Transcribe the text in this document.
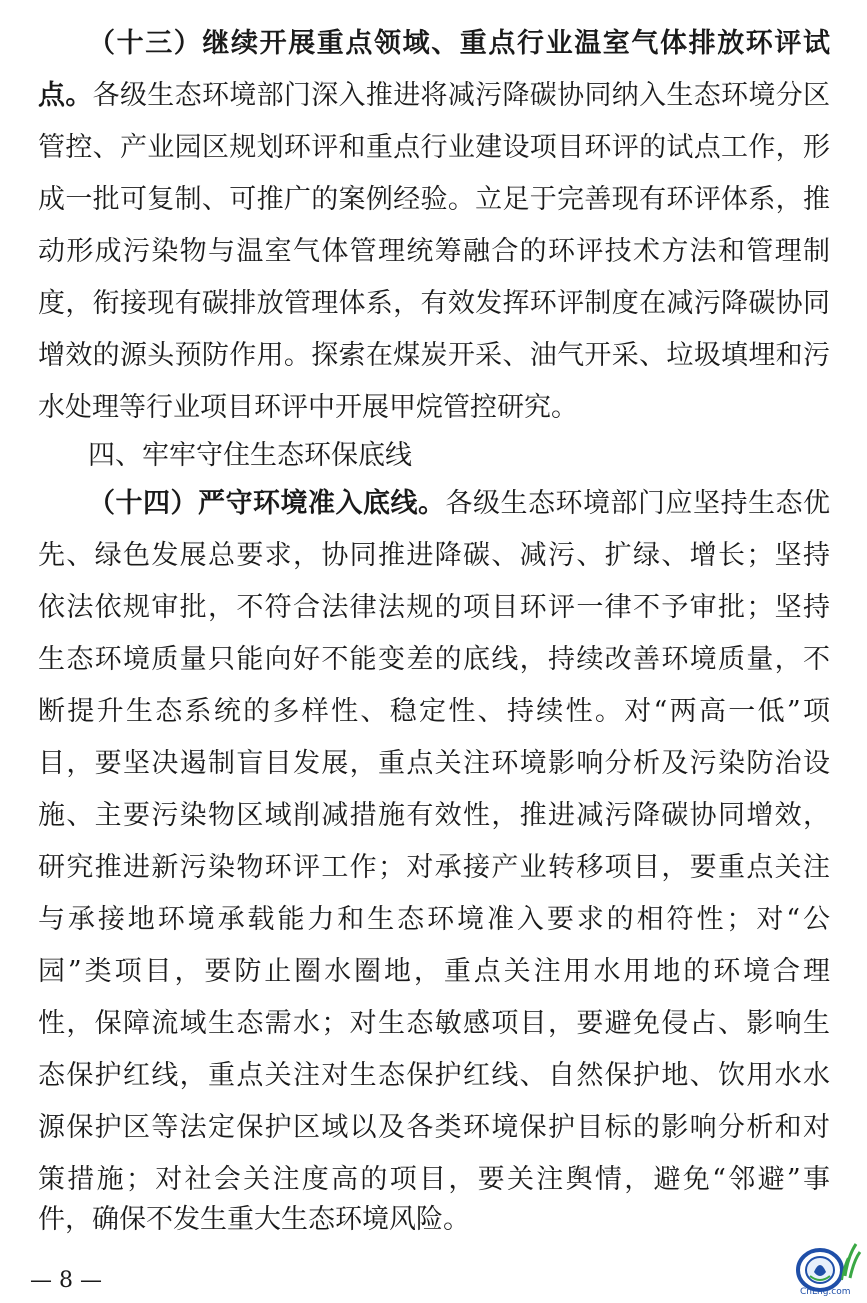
（十三）继续开展重点领域、重点行业温室气体排放环评试
点。各级生态环境部门深入推进将减污降碳协同纳入生态环境分区
管控、产业园区规划环评和重点行业建设项目环评的试点工作，形
成一批可复制、可推广的案例经验。立足于完善现有环评体系，推
动形成污染物与温室气体管理统筹融合的环评技术方法和管理制
度，衔接现有碳排放管理体系，有效发挥环评制度在减污降碳协同
增效的源头预防作用。探索在煤炭开采、油气开采、垃圾填埋和污
水处理等行业项目环评中开展甲烷管控研究。
四、牢牢守住生态环保底线
（十四）严守环境准入底线。各级生态环境部门应坚持生态优
先、绿色发展总要求，协同推进降碳、减污、扩绿、增长；坚持
依法依规审批，不符合法律法规的项目环评一律不予审批；坚持
生态环境质量只能向好不能变差的底线，持续改善环境质量，不
断提升生态系统的多样性、稳定性、持续性。对“两高一低”项
目，要坚决遏制盲目发展，重点关注环境影响分析及污染防治设
施、主要污染物区域削减措施有效性，推进减污降碳协同增效，
研究推进新污染物环评工作；对承接产业转移项目，要重点关注
与承接地环境承载能力和生态环境准入要求的相符性；对“公
园”类项目，要防止圈水圈地，重点关注用水用地的环境合理
性，保障流域生态需水；对生态敏感项目，要避免侵占、影响生
态保护红线，重点关注对生态保护红线、自然保护地、饮用水水
源保护区等法定保护区域以及各类环境保护目标的影响分析和对
策措施；对社会关注度高的项目，要关注舆情，避免“邻避”事
件，确保不发生重大生态环境风险。
— 8 —	CnLng.com
